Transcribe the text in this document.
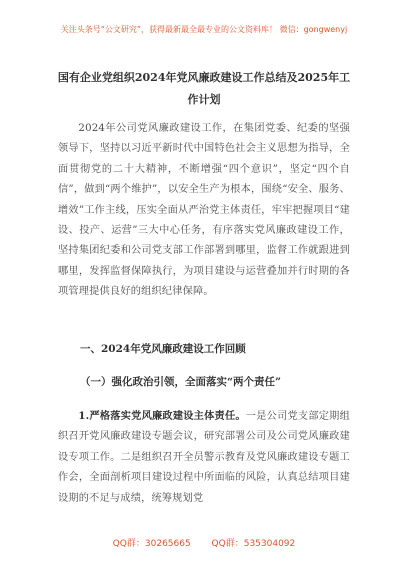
关注头条号“公文研究”，获得最新最全最专业的公文资料库！ 微信：gongwenyj
国有企业党组织2024年党风廉政建设工作总结及2025年工作计划
2024年公司党风廉政建设工作，在集团党委、纪委的坚强领导下，坚持以习近平新时代中国特色社会主义思想为指导，全面贯彻党的二十大精神，不断增强“四个意识”，坚定“四个自信”，做到“两个维护”，以安全生产为根本，围绕“安全、服务、增效”工作主线，压实全面从严治党主体责任，牢牢把握项目“建设、投产、运营”三大中心任务，有序落实党风廉政建设工作，坚持集团纪委和公司党支部工作部署到哪里，监督工作就跟进到哪里，发挥监督保障执行，为项目建设与运营叠加并行时期的各项管理提供良好的组织纪律保障。
一、2024年党风廉政建设工作回顾
（一）强化政治引领，全面落实“两个责任”
1.严格落实党风廉政建设主体责任。一是公司党支部定期组织召开党风廉政建设专题会议，研究部署公司及公司党风廉政建设专项工作。二是组织召开全员警示教育及党风廉政建设专题工作会，全面剖析项目建设过程中所面临的风险，认真总结项目建设期的不足与成绩，统筹规划党
QQ群：30265665 QQ群：535304092
